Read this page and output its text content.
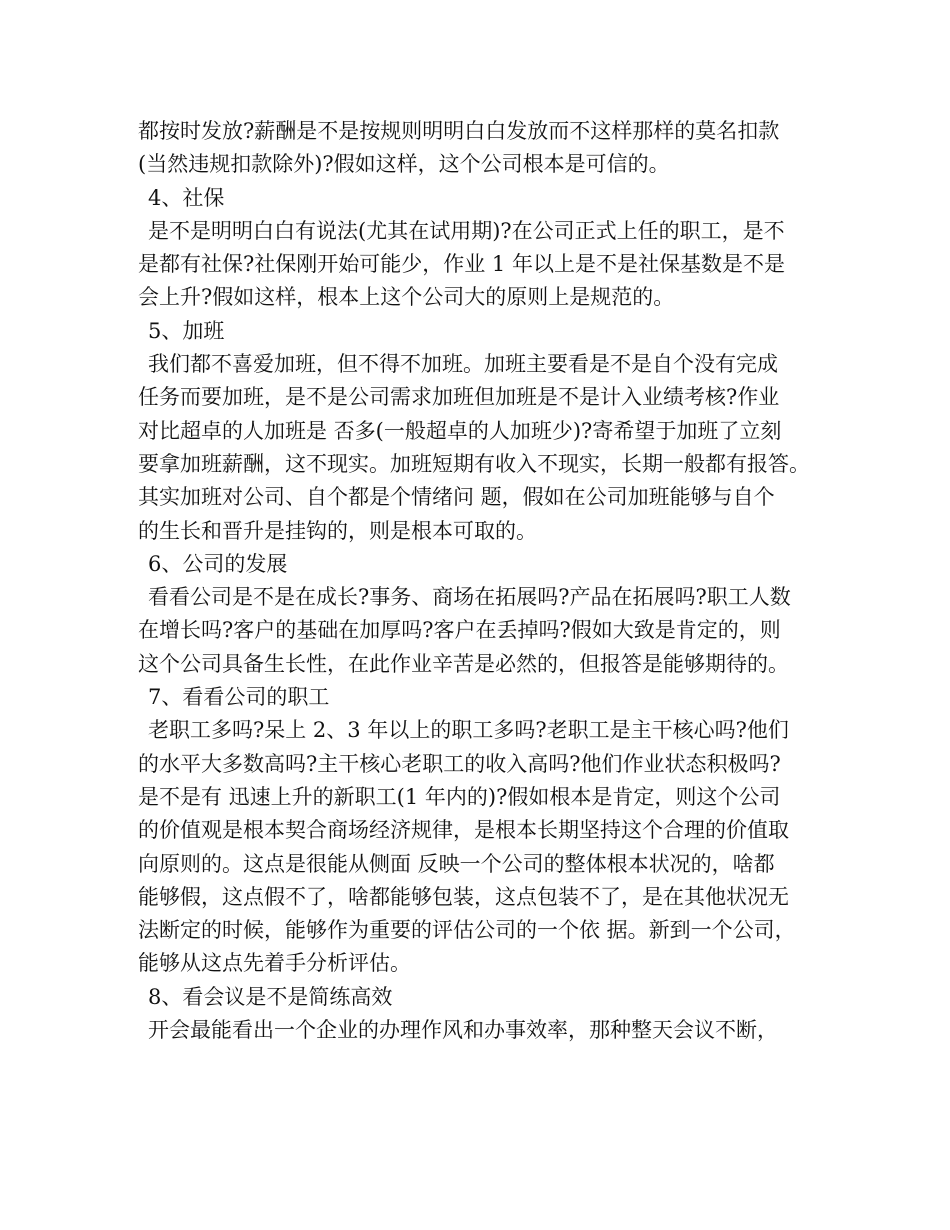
都按时发放?薪酬是不是按规则明明白白发放而不这样那样的莫名扣款
(当然违规扣款除外)?假如这样，这个公司根本是可信的。
4、社保
是不是明明白白有说法(尤其在试用期)?在公司正式上任的职工，是不
是都有社保?社保刚开始可能少，作业 1 年以上是不是社保基数是不是
会上升?假如这样，根本上这个公司大的原则上是规范的。
5、加班
我们都不喜爱加班，但不得不加班。加班主要看是不是自个没有完成
任务而要加班，是不是公司需求加班但加班是不是计入业绩考核?作业
对比超卓的人加班是 否多(一般超卓的人加班少)?寄希望于加班了立刻
要拿加班薪酬，这不现实。加班短期有收入不现实，长期一般都有报答。
其实加班对公司、自个都是个情绪问 题，假如在公司加班能够与自个
的生长和晋升是挂钩的，则是根本可取的。
6、公司的发展
看看公司是不是在成长?事务、商场在拓展吗?产品在拓展吗?职工人数
在增长吗?客户的基础在加厚吗?客户在丢掉吗?假如大致是肯定的，则
这个公司具备生长性，在此作业辛苦是必然的，但报答是能够期待的。
7、看看公司的职工
老职工多吗?呆上 2、3 年以上的职工多吗?老职工是主干核心吗?他们
的水平大多数高吗?主干核心老职工的收入高吗?他们作业状态积极吗?
是不是有 迅速上升的新职工(1 年内的)?假如根本是肯定，则这个公司
的价值观是根本契合商场经济规律，是根本长期坚持这个合理的价值取
向原则的。这点是很能从侧面 反映一个公司的整体根本状况的，啥都
能够假，这点假不了，啥都能够包装，这点包装不了，是在其他状况无
法断定的时候，能够作为重要的评估公司的一个依 据。新到一个公司，
能够从这点先着手分析评估。
8、看会议是不是简练高效
开会最能看出一个企业的办理作风和办事效率，那种整天会议不断，
